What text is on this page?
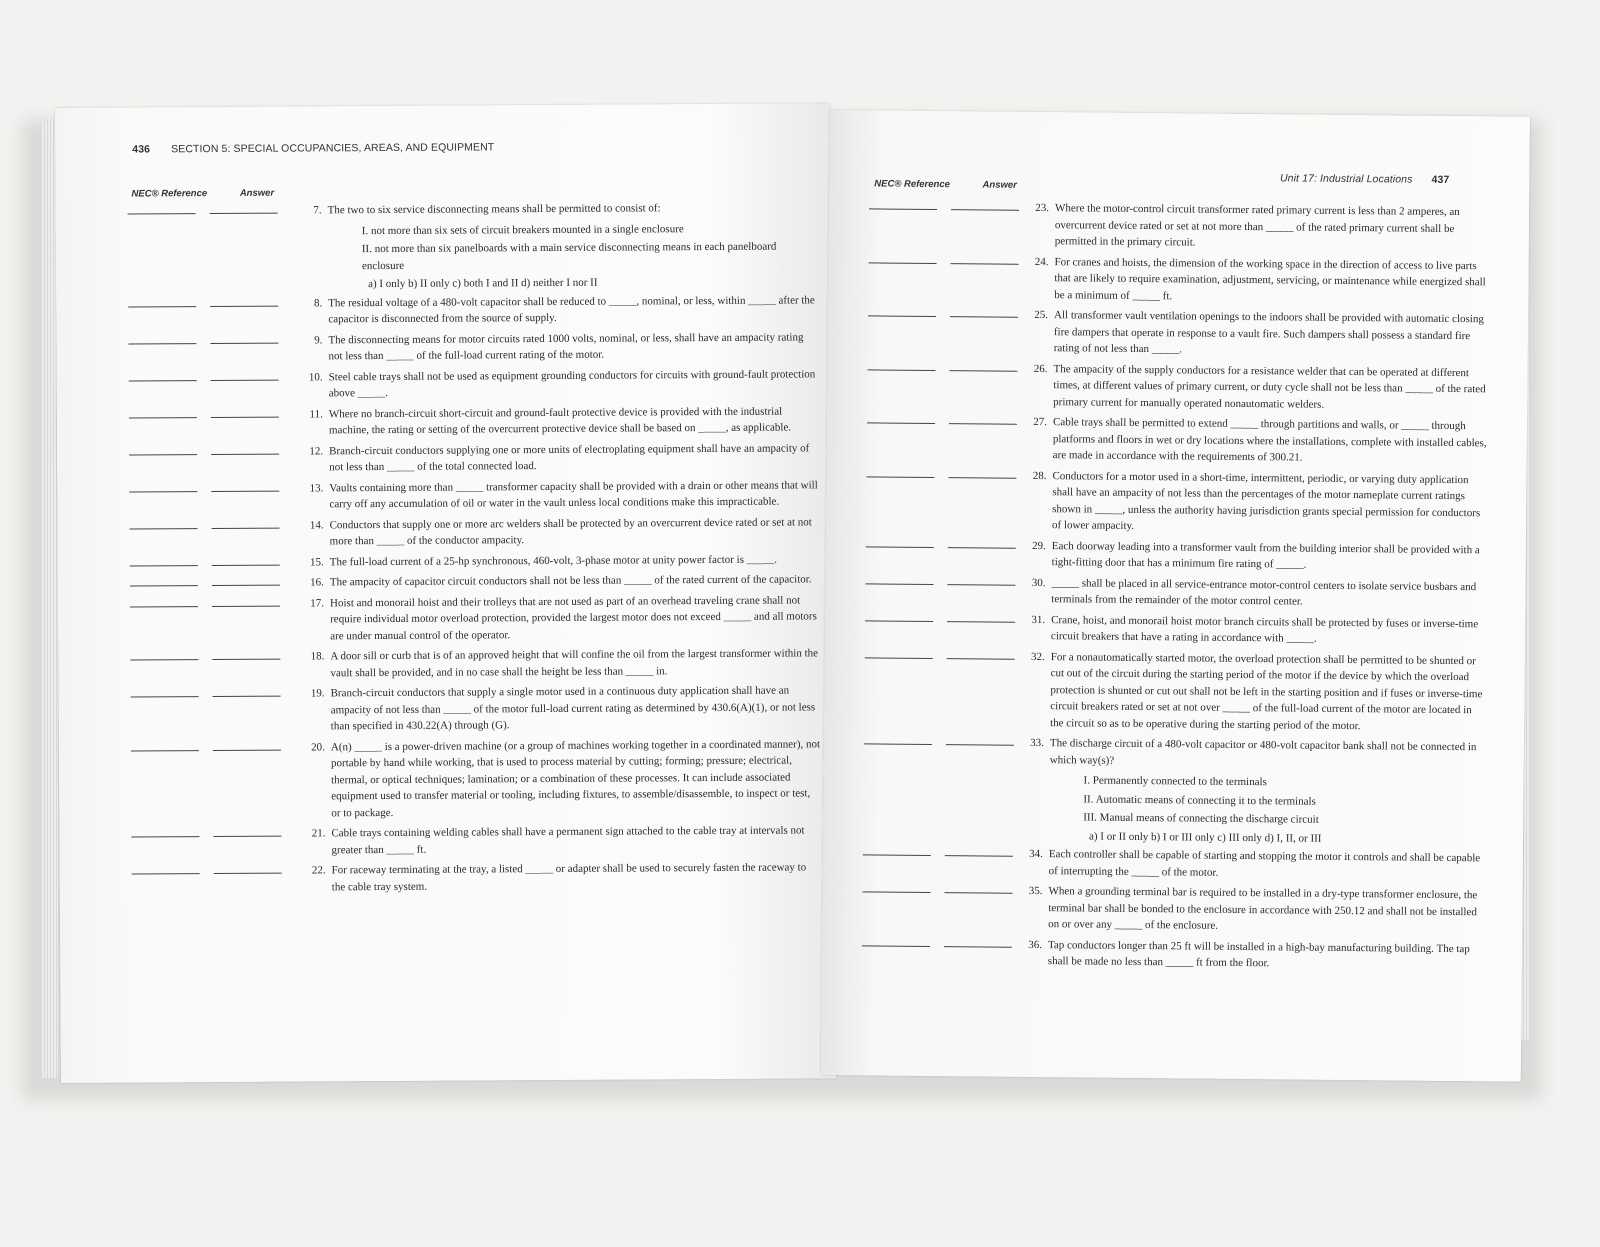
436 SECTION 5: SPECIAL OCCUPANCIES, AREAS, AND EQUIPMENT
NEC® Reference	Answer
7. The two to six service disconnecting means shall be permitted to consist of:
I. not more than six sets of circuit breakers mounted in a single enclosure
II. not more than six panelboards with a main service disconnecting means in each panelboard enclosure
a) I only b) II only c) both I and II d) neither I nor II
8. The residual voltage of a 480-volt capacitor shall be reduced to _____, nominal, or less, within _____ after the capacitor is disconnected from the source of supply.
9. The disconnecting means for motor circuits rated 1000 volts, nominal, or less, shall have an ampacity rating not less than _____ of the full-load current rating of the motor.
10. Steel cable trays shall not be used as equipment grounding conductors for circuits with ground-fault protection above _____.
11. Where no branch-circuit short-circuit and ground-fault protective device is provided with the industrial machine, the rating or setting of the overcurrent protective device shall be based on _____, as applicable.
12. Branch-circuit conductors supplying one or more units of electroplating equipment shall have an ampacity of not less than _____ of the total connected load.
13. Vaults containing more than _____ transformer capacity shall be provided with a drain or other means that will carry off any accumulation of oil or water in the vault unless local conditions make this impracticable.
14. Conductors that supply one or more arc welders shall be protected by an overcurrent device rated or set at not more than _____ of the conductor ampacity.
15. The full-load current of a 25-hp synchronous, 460-volt, 3-phase motor at unity power factor is _____.
16. The ampacity of capacitor circuit conductors shall not be less than _____ of the rated current of the capacitor.
17. Hoist and monorail hoist and their trolleys that are not used as part of an overhead traveling crane shall not require individual motor overload protection, provided the largest motor does not exceed _____ and all motors are under manual control of the operator.
18. A door sill or curb that is of an approved height that will confine the oil from the largest transformer within the vault shall be provided, and in no case shall the height be less than _____ in.
19. Branch-circuit conductors that supply a single motor used in a continuous duty application shall have an ampacity of not less than _____ of the motor full-load current rating as determined by 430.6(A)(1), or not less than specified in 430.22(A) through (G).
20. A(n) _____ is a power-driven machine (or a group of machines working together in a coordinated manner), not portable by hand while working, that is used to process material by cutting; forming; pressure; electrical, thermal, or optical techniques; lamination; or a combination of these processes. It can include associated equipment used to transfer material or tooling, including fixtures, to assemble/disassemble, to inspect or test, or to package.
21. Cable trays containing welding cables shall have a permanent sign attached to the cable tray at intervals not greater than _____ ft.
22. For raceway terminating at the tray, a listed _____ or adapter shall be used to securely fasten the raceway to the cable tray system.
Unit 17: Industrial Locations 437
NEC® Reference	Answer
23. Where the motor-control circuit transformer rated primary current is less than 2 amperes, an overcurrent device rated or set at not more than _____ of the rated primary current shall be permitted in the primary circuit.
24. For cranes and hoists, the dimension of the working space in the direction of access to live parts that are likely to require examination, adjustment, servicing, or maintenance while energized shall be a minimum of _____ ft.
25. All transformer vault ventilation openings to the indoors shall be provided with automatic closing fire dampers that operate in response to a vault fire. Such dampers shall possess a standard fire rating of not less than _____.
26. The ampacity of the supply conductors for a resistance welder that can be operated at different times, at different values of primary current, or duty cycle shall not be less than _____ of the rated primary current for manually operated nonautomatic welders.
27. Cable trays shall be permitted to extend _____ through partitions and walls, or _____ through platforms and floors in wet or dry locations where the installations, complete with installed cables, are made in accordance with the requirements of 300.21.
28. Conductors for a motor used in a short-time, intermittent, periodic, or varying duty application shall have an ampacity of not less than the percentages of the motor nameplate current ratings shown in _____, unless the authority having jurisdiction grants special permission for conductors of lower ampacity.
29. Each doorway leading into a transformer vault from the building interior shall be provided with a tight-fitting door that has a minimum fire rating of _____.
30. _____ shall be placed in all service-entrance motor-control centers to isolate service busbars and terminals from the remainder of the motor control center.
31. Crane, hoist, and monorail hoist motor branch circuits shall be protected by fuses or inverse-time circuit breakers that have a rating in accordance with _____.
32. For a nonautomatically started motor, the overload protection shall be permitted to be shunted or cut out of the circuit during the starting period of the motor if the device by which the overload protection is shunted or cut out shall not be left in the starting position and if fuses or inverse-time circuit breakers rated or set at not over _____ of the full-load current of the motor are located in the circuit so as to be operative during the starting period of the motor.
33. The discharge circuit of a 480-volt capacitor or 480-volt capacitor bank shall not be connected in which way(s)?
I. Permanently connected to the terminals
II. Automatic means of connecting it to the terminals
III. Manual means of connecting the discharge circuit
a) I or II only b) I or III only c) III only d) I, II, or III
34. Each controller shall be capable of starting and stopping the motor it controls and shall be capable of interrupting the _____ of the motor.
35. When a grounding terminal bar is required to be installed in a dry-type transformer enclosure, the terminal bar shall be bonded to the enclosure in accordance with 250.12 and shall not be installed on or over any _____ of the enclosure.
36. Tap conductors longer than 25 ft will be installed in a high-bay manufacturing building. The tap shall be made no less than _____ ft from the floor.
